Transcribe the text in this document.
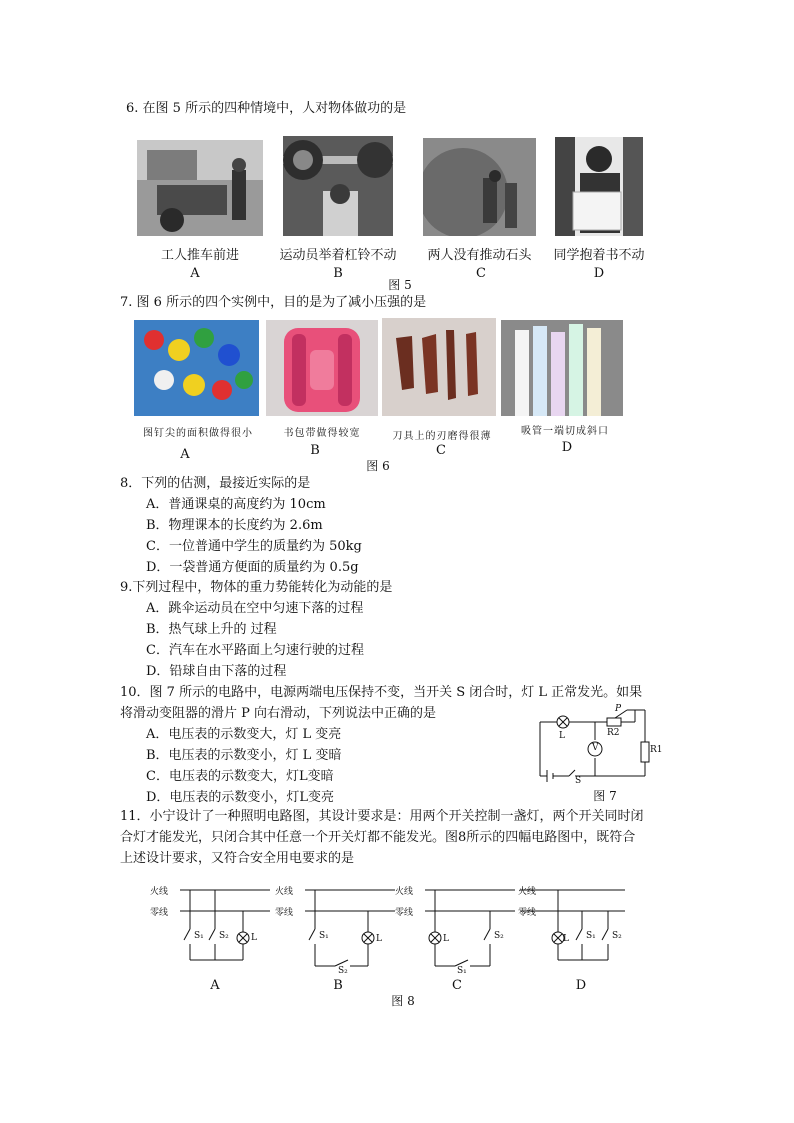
6. 在图 5 所示的四种情境中，人对物体做功的是
工人推车前进	运动员举着杠铃不动	两人没有推动石头	同学抱着书不动
A	B	C	D
图 5
7. 图 6 所示的四个实例中，目的是为了减小压强的是
图钉尖的面积做得很小	书包带做得较宽	刀具上的刃磨得很薄	吸管一端切成斜口
A	B	C	D
图 6
8．下列的估测，最接近实际的是
A．普通课桌的高度约为 10cm
B．物理课本的长度约为 2.6m
C．一位普通中学生的质量约为 50kg
D．一袋普通方便面的质量约为 0.5g
9.下列过程中，物体的重力势能转化为动能的是
A．跳伞运动员在空中匀速下落的过程
B．热气球上升的 过程
C．汽车在水平路面上匀速行驶的过程
D．铅球自由下落的过程
10．图 7 所示的电路中，电源两端电压保持不变，当开关 S 闭合时，灯 L 正常发光。如果
将滑动变阻器的滑片 P 向右滑动，下列说法中正确的是
A．电压表的示数变大，灯 L 变亮
B．电压表的示数变小，灯 L 变暗
C．电压表的示数变大，灯L变暗
D．电压表的示数变小，灯L变亮
L	R2
R1
V
S
P
图 7
11．小宁设计了一种照明电路图，其设计要求是：用两个开关控制一盏灯，两个开关同时闭
合灯才能发光，只闭合其中任意一个开关灯都不能发光。图8所示的四幅电路图中，既符合
上述设计要求，又符合安全用电要求的是
火线
零线
火线
零线
火线
零线
火线
零线
S₁ S₂ L	S₁
S₂
L	L	S₂
S₁
L S₁ S₂
A	B	C	D
图 8
